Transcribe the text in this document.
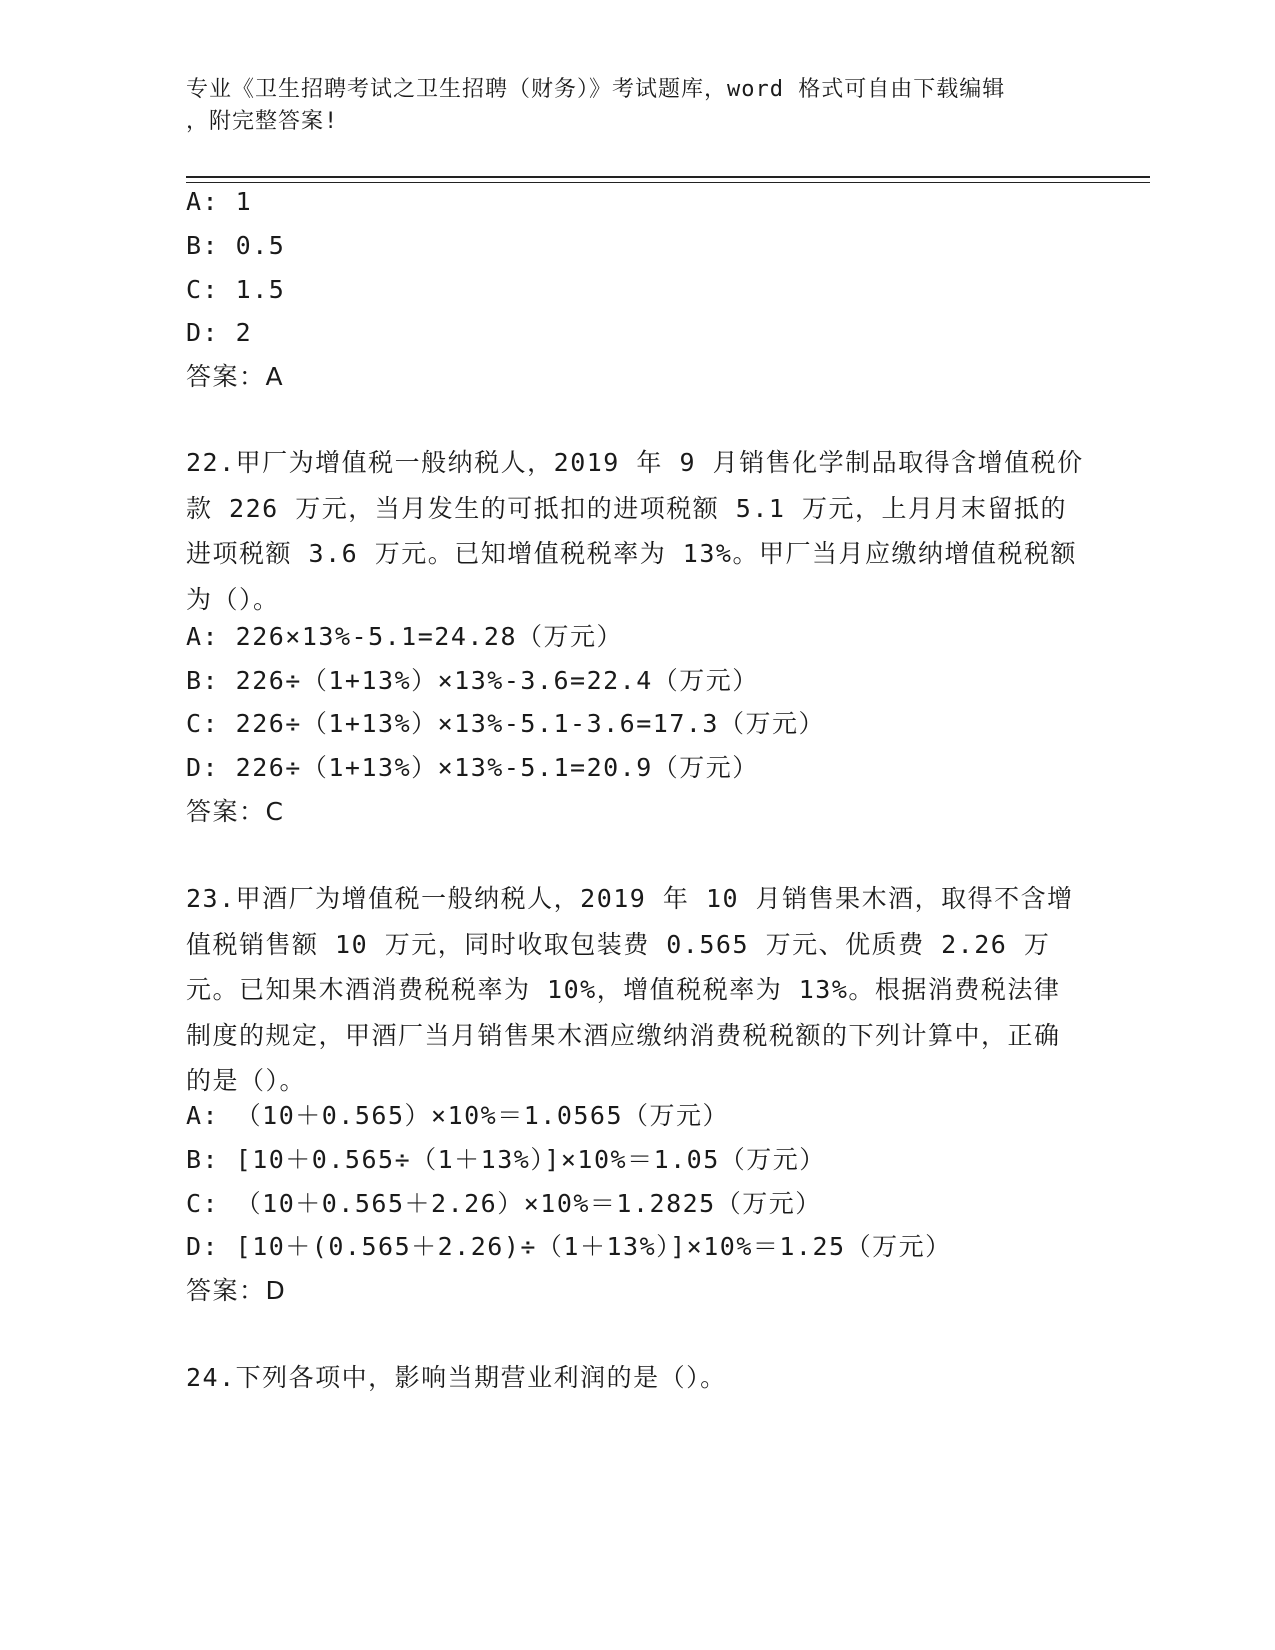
专业《卫生招聘考试之卫生招聘（财务）》考试题库，word 格式可自由下载编辑
，附完整答案!
A: 1
B: 0.5
C: 1.5
D: 2
答案：A
22.甲厂为增值税一般纳税人，2019 年 9 月销售化学制品取得含增值税价款 226 万元，当月发生的可抵扣的进项税额 5.1 万元，上月月末留抵的进项税额 3.6 万元。已知增值税税率为 13%。甲厂当月应缴纳增值税税额为（）。
A: 226×13%-5.1=24.28（万元）
B: 226÷（1+13%）×13%-3.6=22.4（万元）
C: 226÷（1+13%）×13%-5.1-3.6=17.3（万元）
D: 226÷（1+13%）×13%-5.1=20.9（万元）
答案：C
23.甲酒厂为增值税一般纳税人，2019 年 10 月销售果木酒，取得不含增值税销售额 10 万元，同时收取包装费 0.565 万元、优质费 2.26 万元。已知果木酒消费税税率为 10%，增值税税率为 13%。根据消费税法律制度的规定，甲酒厂当月销售果木酒应缴纳消费税税额的下列计算中，正确的是（）。
A: （10＋0.565）×10%＝1.0565（万元）
B: [10＋0.565÷（1＋13%）]×10%＝1.05（万元）
C: （10＋0.565＋2.26）×10%＝1.2825（万元）
D: [10＋(0.565＋2.26)÷（1＋13%）]×10%＝1.25（万元）
答案：D
24.下列各项中，影响当期营业利润的是（）。
